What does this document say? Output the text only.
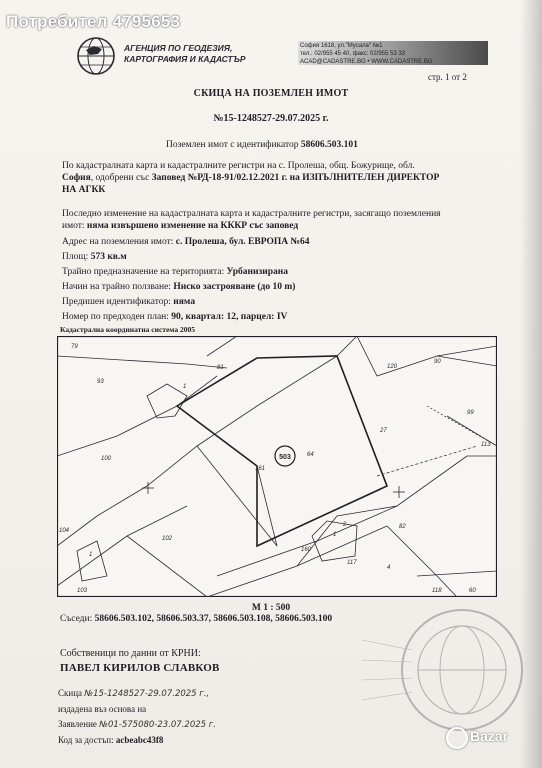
Потребител 4795653
АГЕНЦИЯ ПО ГЕОДЕЗИЯ,
КАРТОГРАФИЯ И КАДАСТЪР
София 1618, ул."Мусала" №1
тел.: 02/955 45 40, факс: 02/955 53 33
ACAD@CADASTRE.BG • WWW.CADASTRE.BG
стр. 1 от 2
СКИЦА НА ПОЗЕМЛЕН ИМОТ
№15-1248527-29.07.2025 г.
Поземлен имот с идентификатор 58606.503.101
По кадастралната карта и кадастралните регистри на с. Пролеша, общ. Божурище, обл.
София, одобрени със Заповед №РД-18-91/02.12.2021 г. на ИЗПЪЛНИТЕЛЕН ДИРЕКТОР
НА АГКК
Последно изменение на кадастралната карта и кадастралните регистри, засягащо поземления
имот: няма извършено изменение на КККР със заповед
Адрес на поземления имот: с. Пролеша, бул. ЕВРОПА №64
Площ: 573 кв.м
Трайно предназначение на територията: Урбанизирана
Начин на трайно ползване: Ниско застрояване (до 10 m)
Предишен идентификатор: няма
Номер по предходен план: 90, квартал: 12, парцел: IV
Кадастрална координатна система 2005
503
79
93
1
81	120
90
99
113
27
100
161
64
102
82
160
2
1
117
4
104
1
103	118	60
М 1 : 500
Съседи: 58606.503.102, 58606.503.37, 58606.503.108, 58606.503.100
Собственици по данни от КРНИ:
ПАВЕЛ КИРИЛОВ СЛАВКОВ
Скица №15-1248527-29.07.2025 г.,
издадена въз основа на
Заявление №01-575080-23.07.2025 г.
Код за достъп: acbeabc43f8	Bazar
